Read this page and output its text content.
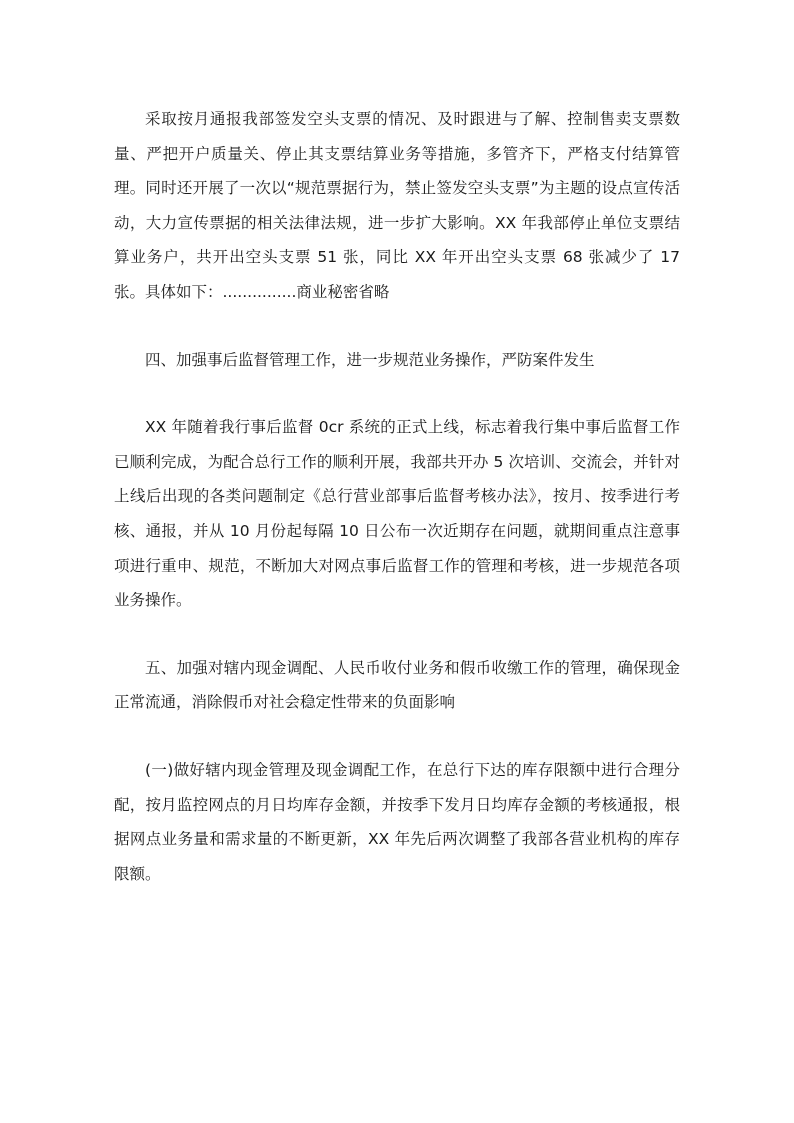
采取按月通报我部签发空头支票的情况、及时跟进与了解、控制售卖支票数量、严把开户质量关、停止其支票结算业务等措施，多管齐下，严格支付结算管理。同时还开展了一次以“规范票据行为，禁止签发空头支票”为主题的设点宣传活动，大力宣传票据的相关法律法规，进一步扩大影响。XX 年我部停止单位支票结算业务户，共开出空头支票 51 张，同比 XX 年开出空头支票 68 张减少了 17 张。具体如下：...............商业秘密省略

四、加强事后监督管理工作，进一步规范业务操作，严防案件发生

XX 年随着我行事后监督 0cr 系统的正式上线，标志着我行集中事后监督工作已顺利完成，为配合总行工作的顺利开展，我部共开办 5 次培训、交流会，并针对上线后出现的各类问题制定《总行营业部事后监督考核办法》，按月、按季进行考核、通报，并从 10 月份起每隔 10 日公布一次近期存在问题，就期间重点注意事项进行重申、规范，不断加大对网点事后监督工作的管理和考核，进一步规范各项业务操作。

五、加强对辖内现金调配、人民币收付业务和假币收缴工作的管理，确保现金正常流通，消除假币对社会稳定性带来的负面影响

(一)做好辖内现金管理及现金调配工作，在总行下达的库存限额中进行合理分配，按月监控网点的月日均库存金额，并按季下发月日均库存金额的考核通报，根据网点业务量和需求量的不断更新，XX 年先后两次调整了我部各营业机构的库存限额。
